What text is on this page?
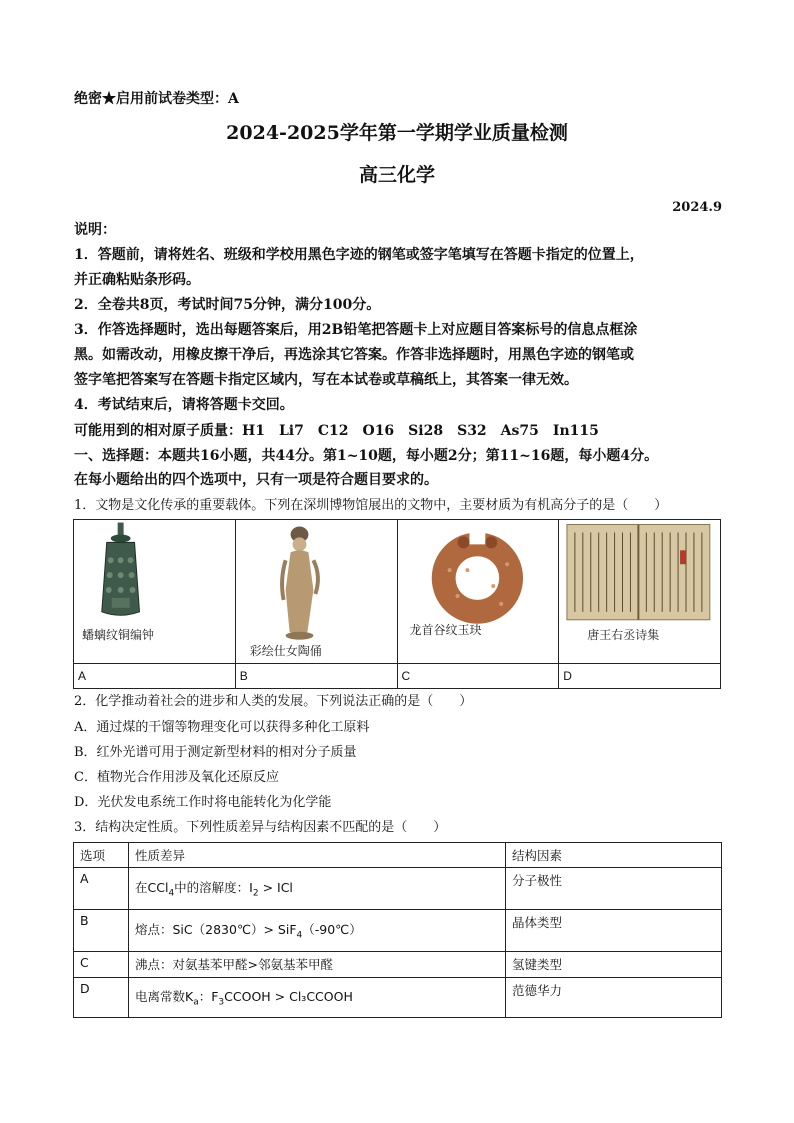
绝密★启用前试卷类型：A
2024-2025学年第一学期学业质量检测
高三化学
2024.9
说明：
1．答题前，请将姓名、班级和学校用黑色字迹的钢笔或签字笔填写在答题卡指定的位置上，
并正确粘贴条形码。
2．全卷共8页，考试时间75分钟，满分100分。
3．作答选择题时，选出每题答案后，用2B铅笔把答题卡上对应题目答案标号的信息点框涂
黑。如需改动，用橡皮擦干净后，再选涂其它答案。作答非选择题时，用黑色字迹的钢笔或
签字笔把答案写在答题卡指定区域内，写在本试卷或草稿纸上，其答案一律无效。
4．考试结束后，请将答题卡交回。
可能用到的相对原子质量：H1　Li7　C12　O16　Si28　S32　As75　In115
一、选择题：本题共16小题，共44分。第1~10题，每小题2分；第11~16题，每小题4分。
在每小题给出的四个选项中，只有一项是符合题目要求的。
1．文物是文化传承的重要载体。下列在深圳博物馆展出的文物中，主要材质为有机高分子的是（　　）
蟠螭纹铜编钟	彩绘仕女陶俑	龙首谷纹玉玦	唐王右丞诗集

A	B	C	D
2．化学推动着社会的进步和人类的发展。下列说法正确的是（　　）
A．通过煤的干馏等物理变化可以获得多种化工原料
B．红外光谱可用于测定新型材料的相对分子质量
C．植物光合作用涉及氧化还原反应
D．光伏发电系统工作时将电能转化为化学能
3．结构决定性质。下列性质差异与结构因素不匹配的是（　　）
选项	性质差异	结构因素
A	在CCl$_4$中的溶解度：$I_2$ > ICl	分子极性
B	熔点：SiC（2830℃）> SiF$_4$（-90℃）	晶体类型
C	沸点：对氨基苯甲醛>邻氨基苯甲醛	氢键类型
D	电离常数$K_a$：$F_3CCOOH$ > Cl₃CCOOH	范德华力
